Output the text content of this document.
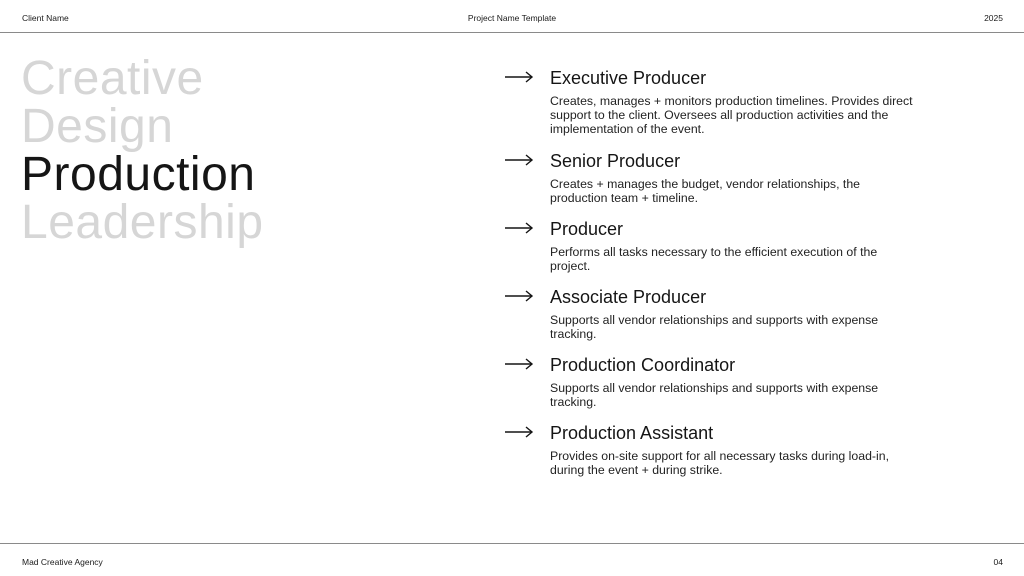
Client Name	Project Name Template	2025
Creative
Design
Production
Leadership
Executive Producer
Creates, manages + monitors production timelines. Provides direct support to the client. Oversees all production activities and the implementation of the event.
Senior Producer
Creates + manages the budget, vendor relationships, the production team + timeline.
Producer
Performs all tasks necessary to the efficient execution of the project.
Associate Producer
Supports all vendor relationships and supports with expense tracking.
Production Coordinator
Supports all vendor relationships and supports with expense tracking.
Production Assistant
Provides on-site support for all necessary tasks during load-in, during the event + during strike.
Mad Creative Agency	04
